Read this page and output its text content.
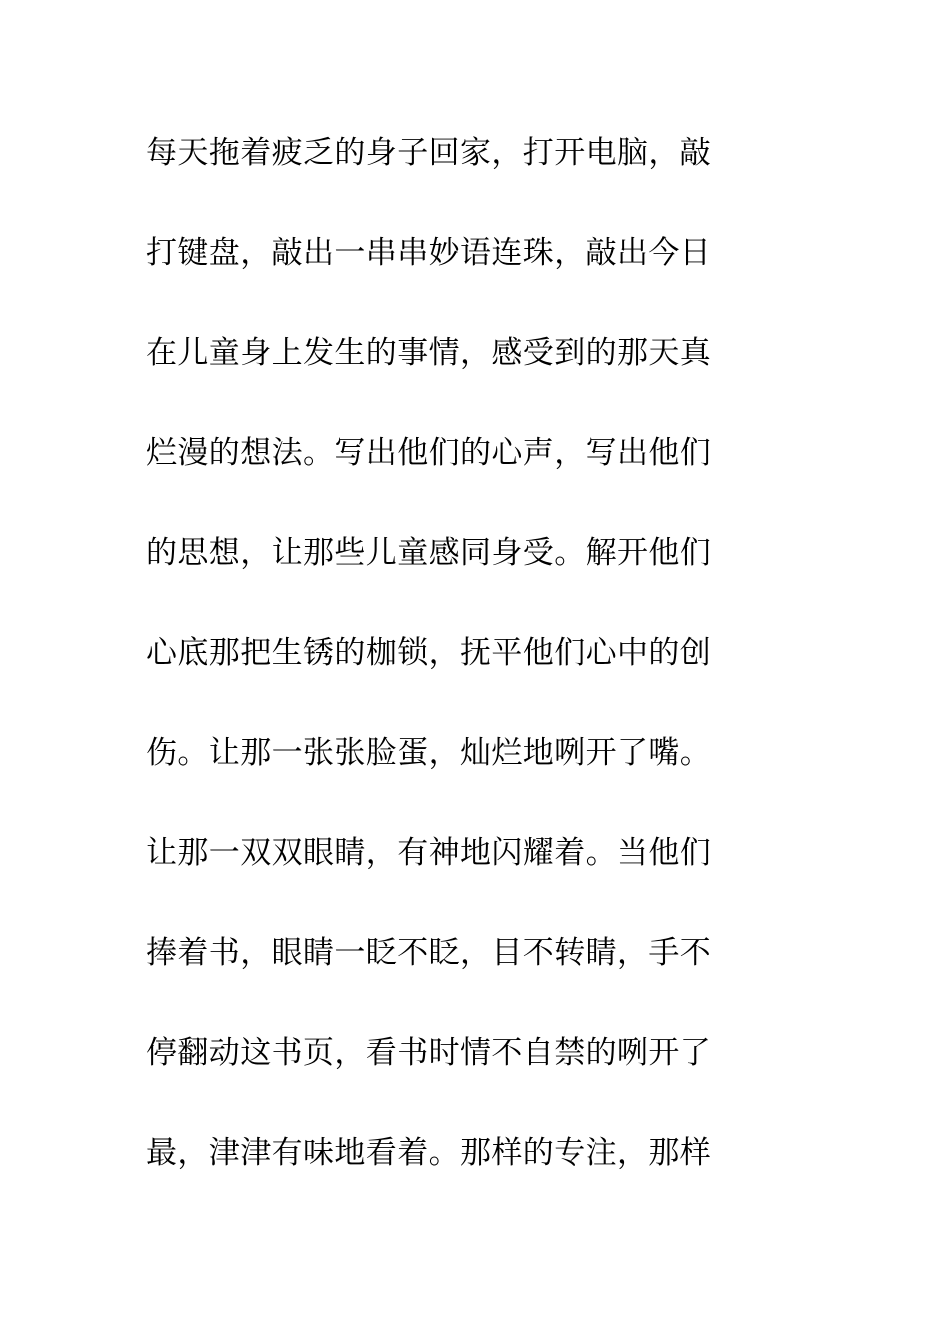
每天拖着疲乏的身子回家，打开电脑，敲
打键盘，敲出一串串妙语连珠，敲出今日
在儿童身上发生的事情，感受到的那天真
烂漫的想法。写出他们的心声，写出他们
的思想，让那些儿童感同身受。解开他们
心底那把生锈的枷锁，抚平他们心中的创
伤。让那一张张脸蛋，灿烂地咧开了嘴。
让那一双双眼睛，有神地闪耀着。当他们
捧着书，眼睛一眨不眨，目不转睛，手不
停翻动这书页，看书时情不自禁的咧开了
最，津津有味地看着。那样的专注，那样
